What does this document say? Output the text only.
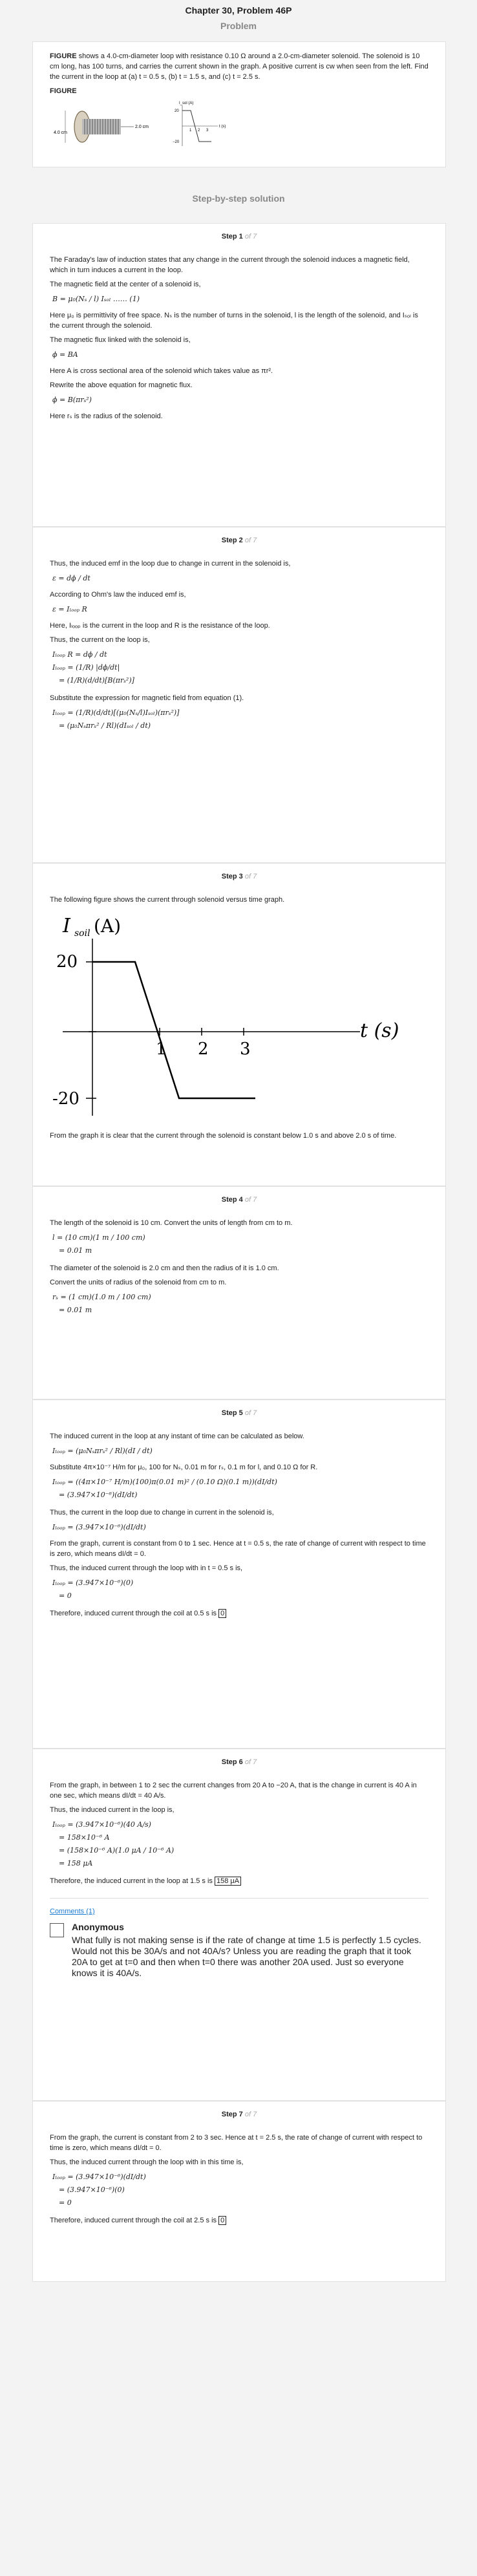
Chapter 30, Problem 46P
Problem

FIGURE shows a 4.0-cm-diameter loop with resistance 0.10 Ω around a 2.0-cm-diameter solenoid. The solenoid is 10 cm long, has 100 turns, and carries the current shown in the graph. A positive current is cw when seen from the left. Find the current in the loop at (a) t = 0.5 s, (b) t = 1.5 s, and (c) t = 2.5 s.

FIGURE
4.0 cm
2.0 cm
I_sol (A)
20
−20
t (s)
1 2 3
Step-by-step solution
Step 1 of 7

The Faraday's law of induction states that any change in the current through the solenoid induces a magnetic field, which in turn induces a current in the loop.

The magnetic field at the center of a solenoid is,

B = μ₀(Nₛ / l) Iₛₒₗ …… (1)

Here μ₀ is permittivity of free space. Nₛ is the number of turns in the solenoid, l is the length of the solenoid, and Iₛₒₗ is the current through the solenoid.

The magnetic flux linked with the solenoid is,

ϕ = BA

Here A is cross sectional area of the solenoid which takes value as πr².

Rewrite the above equation for magnetic flux.

ϕ = B(πrₛ²)

Here rₛ is the radius of the solenoid.

Step 2 of 7

Thus, the induced emf in the loop due to change in current in the solenoid is,

ε = dϕ / dt

According to Ohm's law the induced emf is,

ε = Iₗₒₒₚ R

Here, Iₗₒₒₚ is the current in the loop and R is the resistance of the loop.

Thus, the current on the loop is,

Iₗₒₒₚ R = dϕ / dt
Iₗₒₒₚ = (1/R) |dϕ/dt|
= (1/R)(d/dt)[B(πrₛ²)]

Substitute the expression for magnetic field from equation (1).

Iₗₒₒₚ = (1/R)(d/dt)[(μ₀(Nₛ/l)Iₛₒₗ)(πrₛ²)]
= (μ₀Nₛπrₛ² / Rl)(dIₛₒₗ / dt)
Step 3 of 7

The following figure shows the current through solenoid versus time graph.

I soil (A)
20
-20
1 2 3
t (s)

From the graph it is clear that the current through the solenoid is constant below 1.0 s and above 2.0 s of time.

Step 4 of 7

The length of the solenoid is 10 cm. Convert the units of length from cm to m.

l = (10 cm)(1 m / 100 cm)
= 0.01 m

The diameter of the solenoid is 2.0 cm and then the radius of it is 1.0 cm.

Convert the units of radius of the solenoid from cm to m.

rₛ = (1 cm)(1.0 m / 100 cm)
= 0.01 m
Step 5 of 7

The induced current in the loop at any instant of time can be calculated as below.

Iₗₒₒₚ = (μ₀Nₛπrₛ² / Rl)(dI / dt)

Substitute 4π×10⁻⁷ H/m for μ₀, 100 for Nₛ, 0.01 m for rₛ, 0.1 m for l, and 0.10 Ω for R.

Iₗₒₒₚ = ((4π×10⁻⁷ H/m)(100)π(0.01 m)² / (0.10 Ω)(0.1 m))(dI/dt)
= (3.947×10⁻⁶)(dI/dt)

Thus, the current in the loop due to change in current in the solenoid is,

Iₗₒₒₚ = (3.947×10⁻⁶)(dI/dt)

From the graph, current is constant from 0 to 1 sec. Hence at t = 0.5 s, the rate of change of current with respect to time is zero, which means dI/dt = 0.

Thus, the induced current through the loop with in t = 0.5 s is,

Iₗₒₒₚ = (3.947×10⁻⁶)(0)
= 0

Therefore, induced current through the coil at 0.5 s is 0

Step 6 of 7

From the graph, in between 1 to 2 sec the current changes from 20 A to −20 A, that is the change in current is 40 A in one sec, which means dI/dt = 40 A/s.

Thus, the induced current in the loop is,

Iₗₒₒₚ = (3.947×10⁻⁶)(40 A/s)
= 158×10⁻⁶ A
= (158×10⁻⁶ A)(1.0 μA / 10⁻⁶ A)
= 158 μA

Therefore, the induced current in the loop at 1.5 s is 158 μA

Comments (1)
Anonymous
What fully is not making sense is if the rate of change at time 1.5 is perfectly 1.5 cycles. Would not this be 30A/s and not 40A/s? Unless you are reading the graph that it took 20A to get at t=0 and then when t=0 there was another 20A used. Just so everyone knows it is 40A/s.
Step 7 of 7

From the graph, the current is constant from 2 to 3 sec. Hence at t = 2.5 s, the rate of change of current with respect to time is zero, which means dI/dt = 0.

Thus, the induced current through the loop with in this time is,

Iₗₒₒₚ = (3.947×10⁻⁶)(dI/dt)
= (3.947×10⁻⁶)(0)
= 0

Therefore, induced current through the coil at 2.5 s is 0
